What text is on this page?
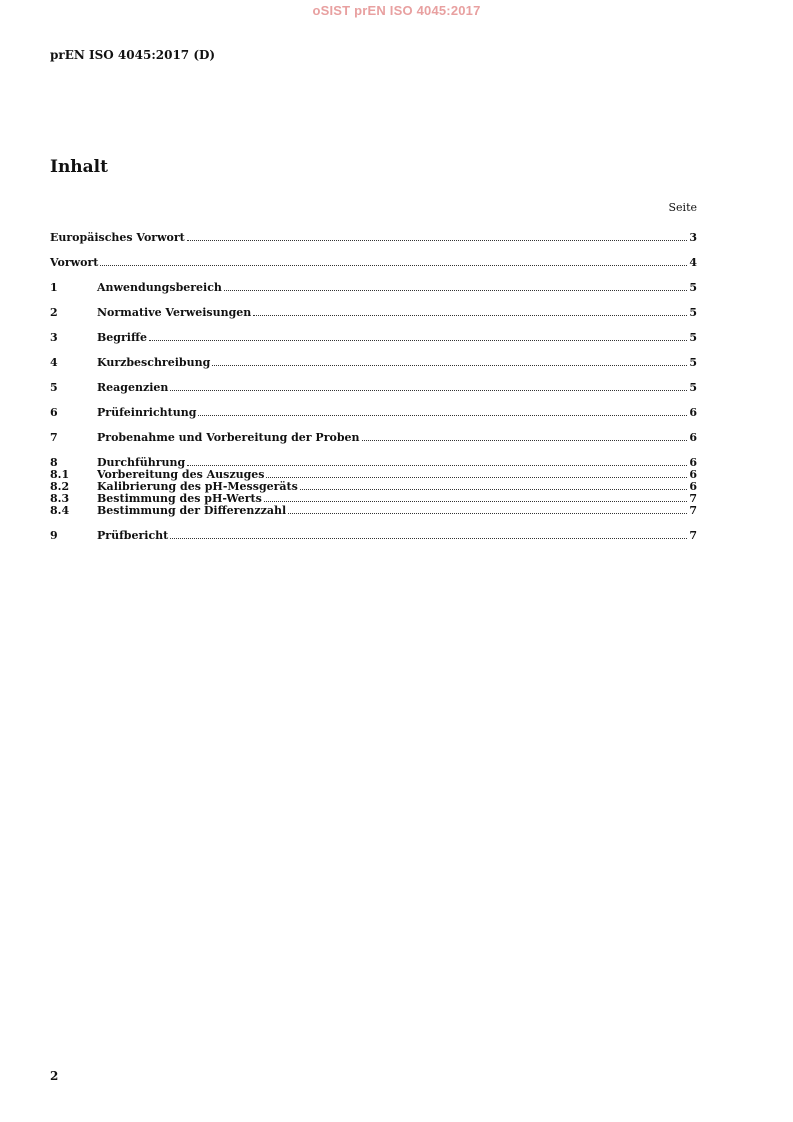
oSIST prEN ISO 4045:2017
prEN ISO 4045:2017 (D)
Inhalt
Seite
Europäisches Vorwort	3
Vorwort	4
1	Anwendungsbereich	5
2	Normative Verweisungen	5
3	Begriffe	5
4	Kurzbeschreibung	5
5	Reagenzien	5
6	Prüfeinrichtung	6
7	Probenahme und Vorbereitung der Proben	6
8	Durchführung	6
8.1	Vorbereitung des Auszuges	6
8.2	Kalibrierung des pH-Messgeräts	6
8.3	Bestimmung des pH-Werts	7
8.4	Bestimmung der Differenzzahl	7
9	Prüfbericht	7
2
